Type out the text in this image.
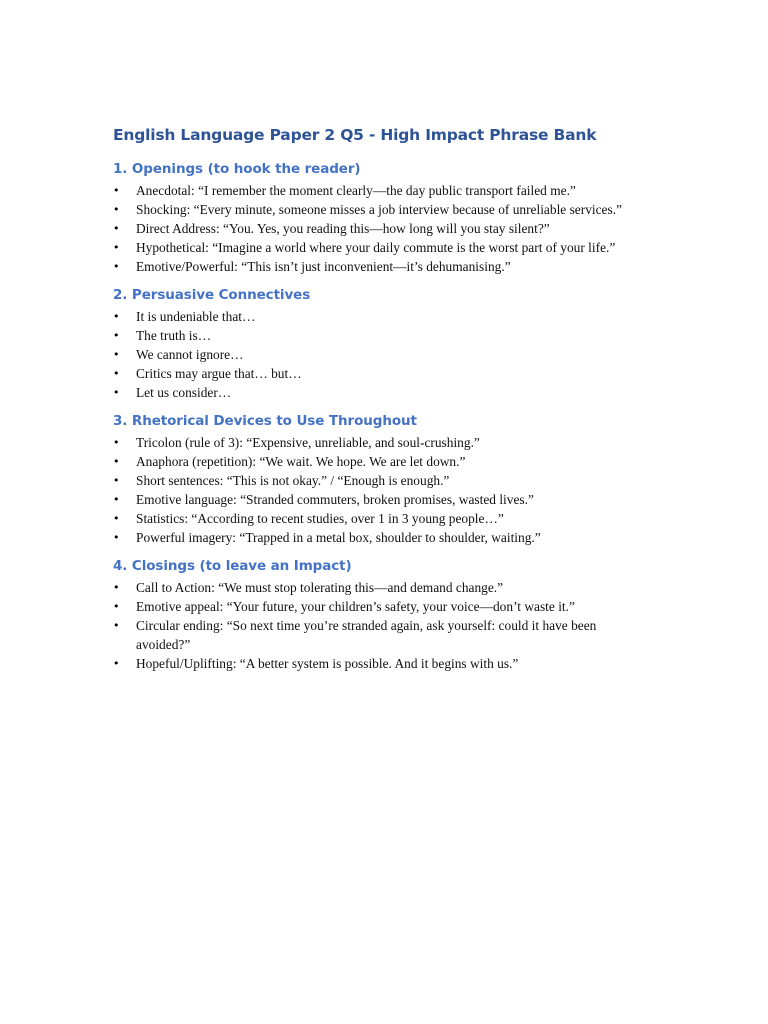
English Language Paper 2 Q5 - High Impact Phrase Bank
1. Openings (to hook the reader)
• Anecdotal: “I remember the moment clearly—the day public transport failed me.”
• Shocking: “Every minute, someone misses a job interview because of unreliable services.”
• Direct Address: “You. Yes, you reading this—how long will you stay silent?”
• Hypothetical: “Imagine a world where your daily commute is the worst part of your life.”
• Emotive/Powerful: “This isn’t just inconvenient—it’s dehumanising.”
2. Persuasive Connectives
• It is undeniable that…
• The truth is…
• We cannot ignore…
• Critics may argue that… but…
• Let us consider…
3. Rhetorical Devices to Use Throughout
• Tricolon (rule of 3): “Expensive, unreliable, and soul-crushing.”
• Anaphora (repetition): “We wait. We hope. We are let down.”
• Short sentences: “This is not okay.” / “Enough is enough.”
• Emotive language: “Stranded commuters, broken promises, wasted lives.”
• Statistics: “According to recent studies, over 1 in 3 young people…”
• Powerful imagery: “Trapped in a metal box, shoulder to shoulder, waiting.”
4. Closings (to leave an Impact)
• Call to Action: “We must stop tolerating this—and demand change.”
• Emotive appeal: “Your future, your children’s safety, your voice—don’t waste it.”
• Circular ending: “So next time you’re stranded again, ask yourself: could it have been avoided?”
• Hopeful/Uplifting: “A better system is possible. And it begins with us.”
